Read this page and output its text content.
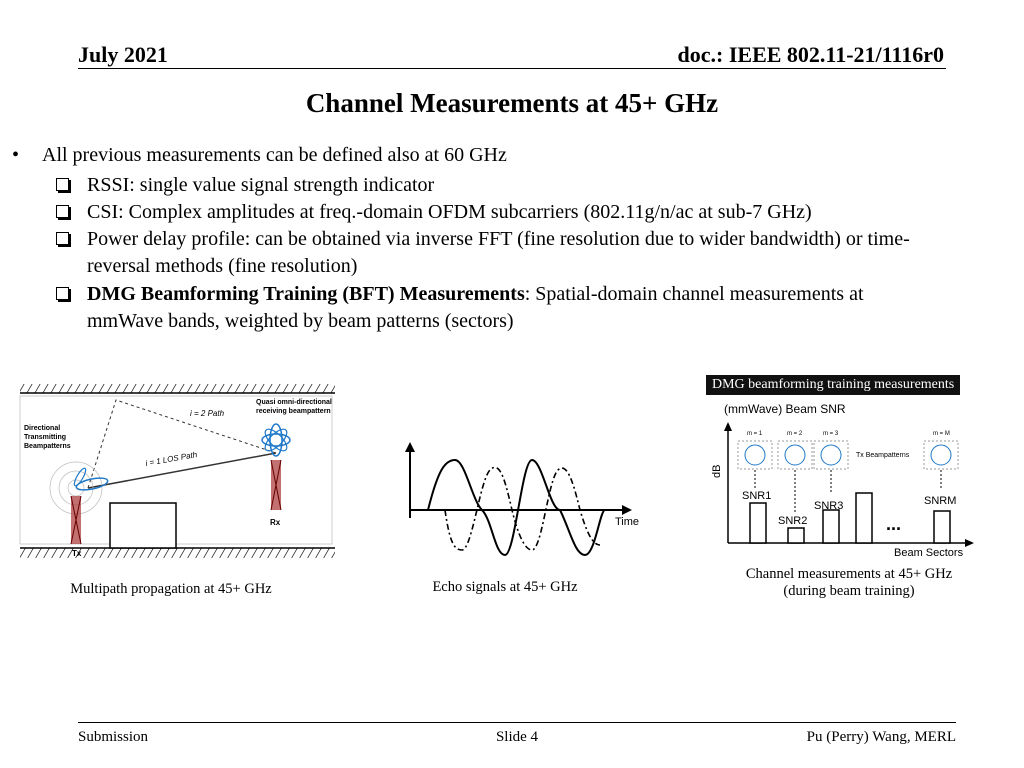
July 2021	doc.: IEEE 802.11-21/1116r0
Channel Measurements at 45+ GHz
• All previous measurements can be defined also at 60 GHz
RSSI: single value signal strength indicator
CSI: Complex amplitudes at freq.-domain OFDM subcarriers (802.11g/n/ac at sub-7 GHz)
Power delay profile: can be obtained via inverse FFT (fine resolution due to wider bandwidth) or time-
reversal methods (fine resolution)
DMG Beamforming Training (BFT) Measurements: Spatial-domain channel measurements at
mmWave bands, weighted by beam patterns (sectors)
Directional
Transmitting
Beampatterns
Quasi omni-directional
receiving beampattern
i = 2 Path
i = 1 LOS Path
Tx
Rx
Multipath propagation at 45+ GHz
Time
Echo signals at 45+ GHz
DMG beamforming training measurements
(mmWave) Beam SNR
dB
m = 1	m = 2	m = 3	m = M
Tx Beampatterns
SNR1
SNR2
SNR3	SNRM
...
Beam Sectors
Channel measurements at 45+ GHz
(during beam training)
Submission	Slide 4	Pu (Perry) Wang, MERL
